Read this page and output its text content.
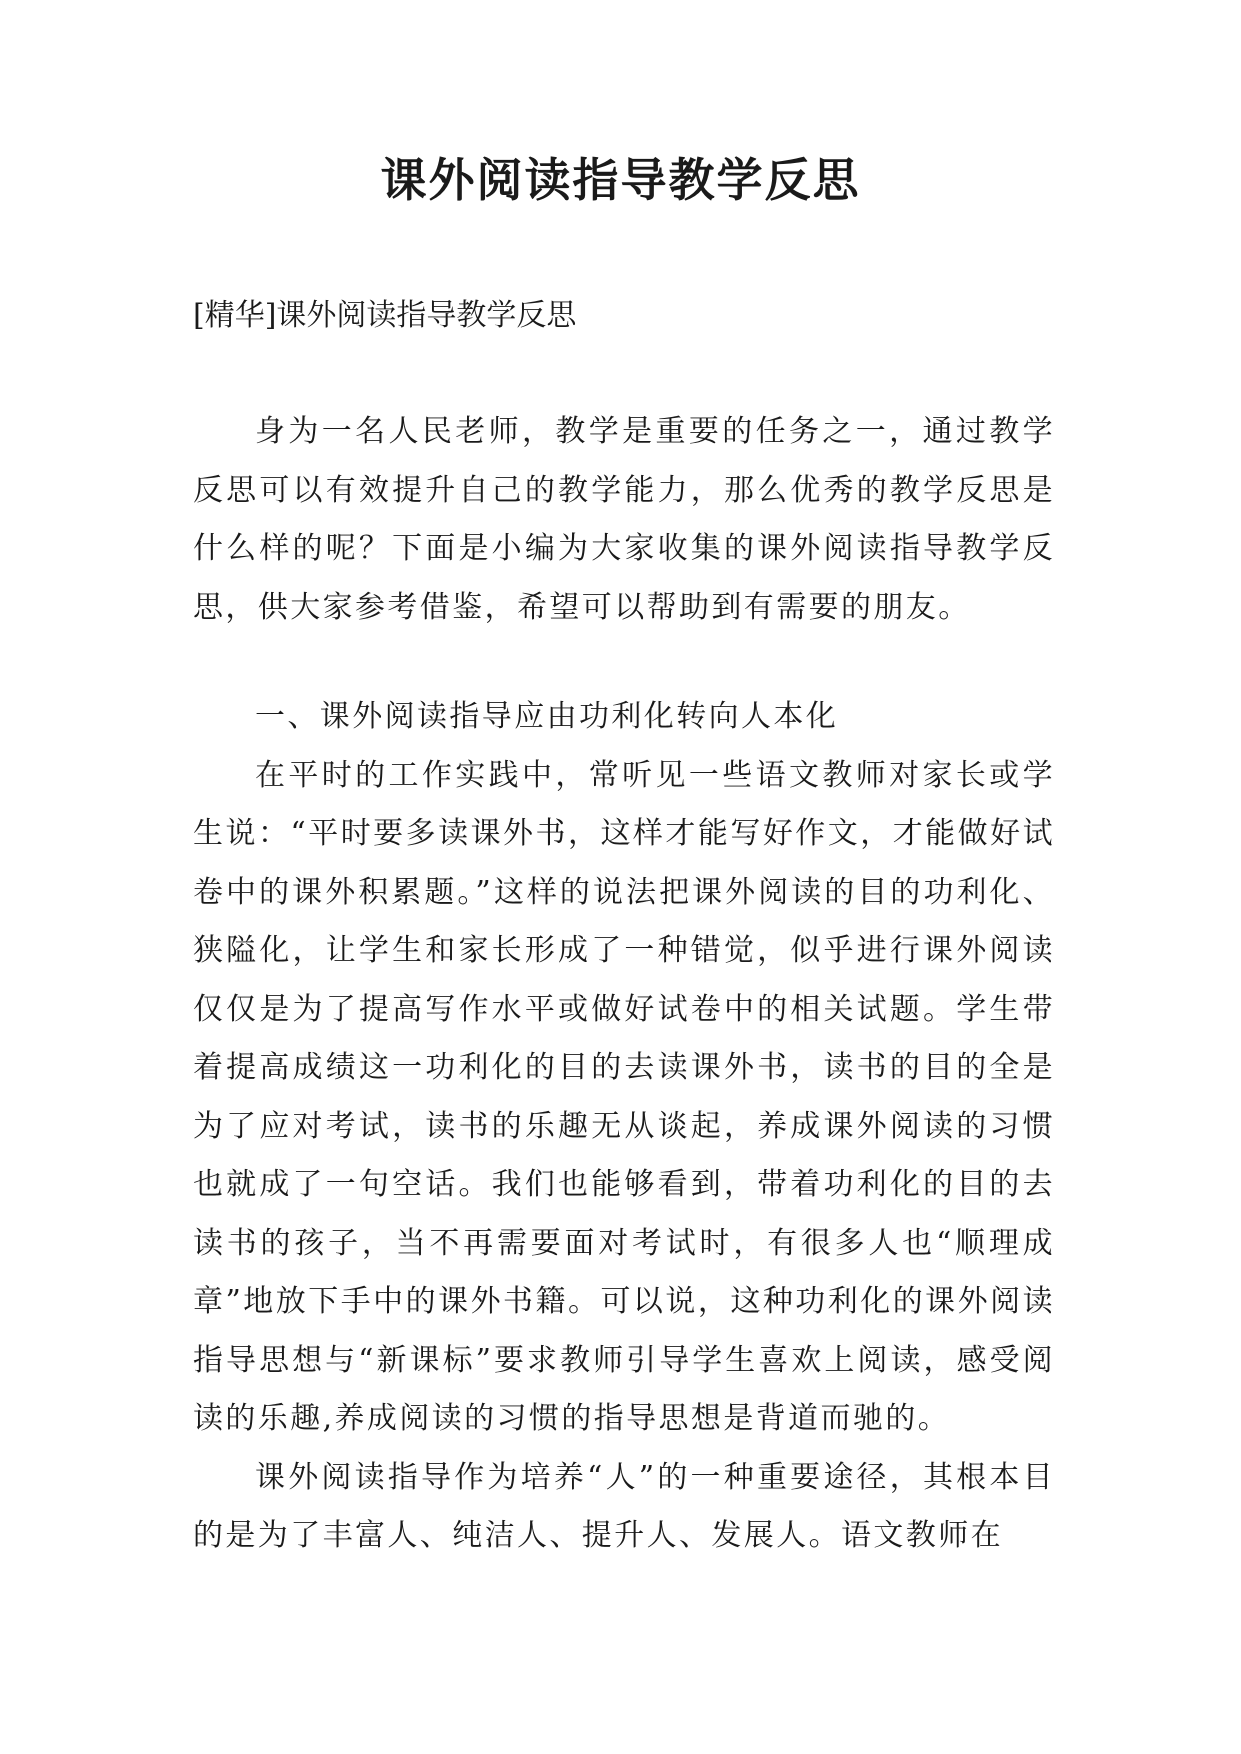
课外阅读指导教学反思

[精华]课外阅读指导教学反思

身为一名人民老师，教学是重要的任务之一，通过教学反思可以有效提升自己的教学能力，那么优秀的教学反思是什么样的呢？下面是小编为大家收集的课外阅读指导教学反思，供大家参考借鉴，希望可以帮助到有需要的朋友。

一、课外阅读指导应由功利化转向人本化

在平时的工作实践中，常听见一些语文教师对家长或学生说：“平时要多读课外书，这样才能写好作文，才能做好试卷中的课外积累题。”这样的说法把课外阅读的目的功利化、狭隘化，让学生和家长形成了一种错觉，似乎进行课外阅读仅仅是为了提高写作水平或做好试卷中的相关试题。学生带着提高成绩这一功利化的目的去读课外书，读书的目的全是为了应对考试，读书的乐趣无从谈起，养成课外阅读的习惯也就成了一句空话。我们也能够看到，带着功利化的目的去读书的孩子，当不再需要面对考试时，有很多人也“顺理成章”地放下手中的课外书籍。可以说，这种功利化的课外阅读指导思想与“新课标”要求教师引导学生喜欢上阅读，感受阅读的乐趣,养成阅读的习惯的指导思想是背道而驰的。

课外阅读指导作为培养“人”的一种重要途径，其根本目的是为了丰富人、纯洁人、提升人、发展人。语文教师在
